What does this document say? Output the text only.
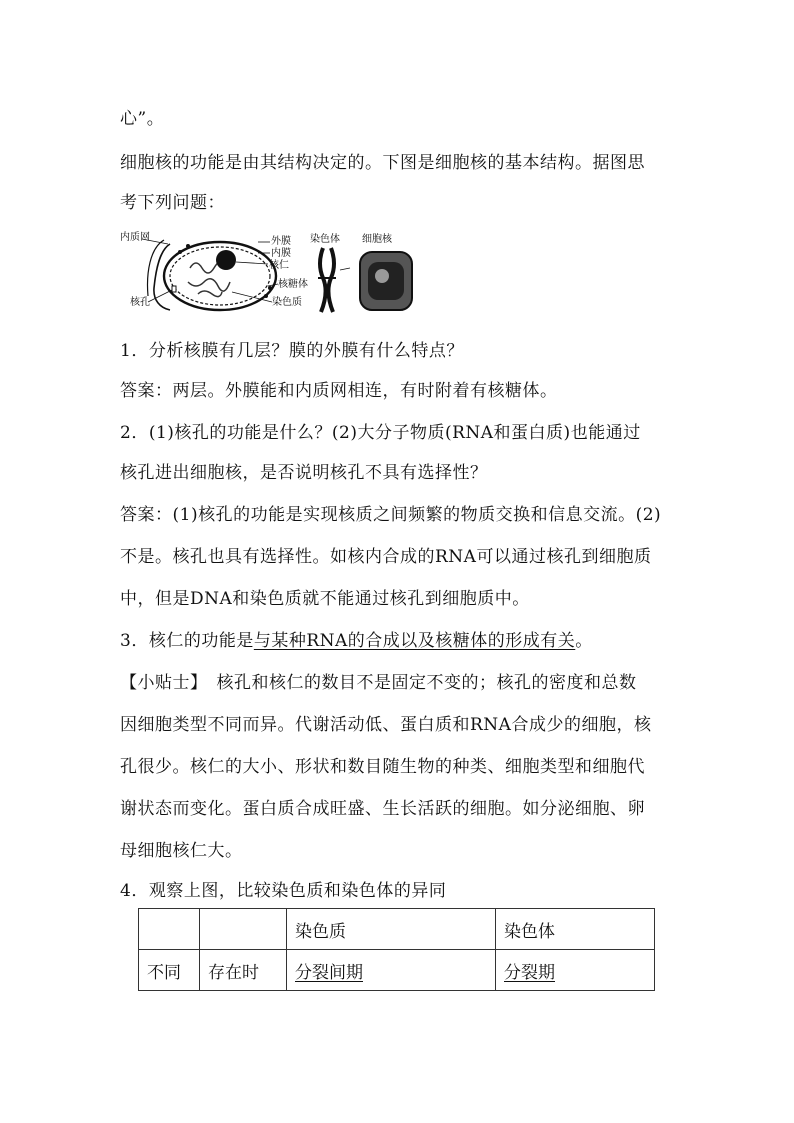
心”。
细胞核的功能是由其结构决定的。下图是细胞核的基本结构。据图思
考下列问题：
内质网	外膜
内膜
核仁
核糖体
染色质
核孔
染色体 细胞核
1．分析核膜有几层？膜的外膜有什么特点？
答案：两层。外膜能和内质网相连，有时附着有核糖体。
2．(1)核孔的功能是什么？(2)大分子物质(RNA和蛋白质)也能通过
核孔进出细胞核，是否说明核孔不具有选择性？
答案：(1)核孔的功能是实现核质之间频繁的物质交换和信息交流。(2)
不是。核孔也具有选择性。如核内合成的RNA可以通过核孔到细胞质
中，但是DNA和染色质就不能通过核孔到细胞质中。
3．核仁的功能是与某种RNA的合成以及核糖体的形成有关。
【小贴士】　核孔和核仁的数目不是固定不变的；核孔的密度和总数
因细胞类型不同而异。代谢活动低、蛋白质和RNA合成少的细胞，核
孔很少。核仁的大小、形状和数目随生物的种类、细胞类型和细胞代
谢状态而变化。蛋白质合成旺盛、生长活跃的细胞。如分泌细胞、卵
母细胞核仁大。
4．观察上图，比较染色质和染色体的异同
		染色质	染色体
不同	存在时	分裂间期	分裂期
